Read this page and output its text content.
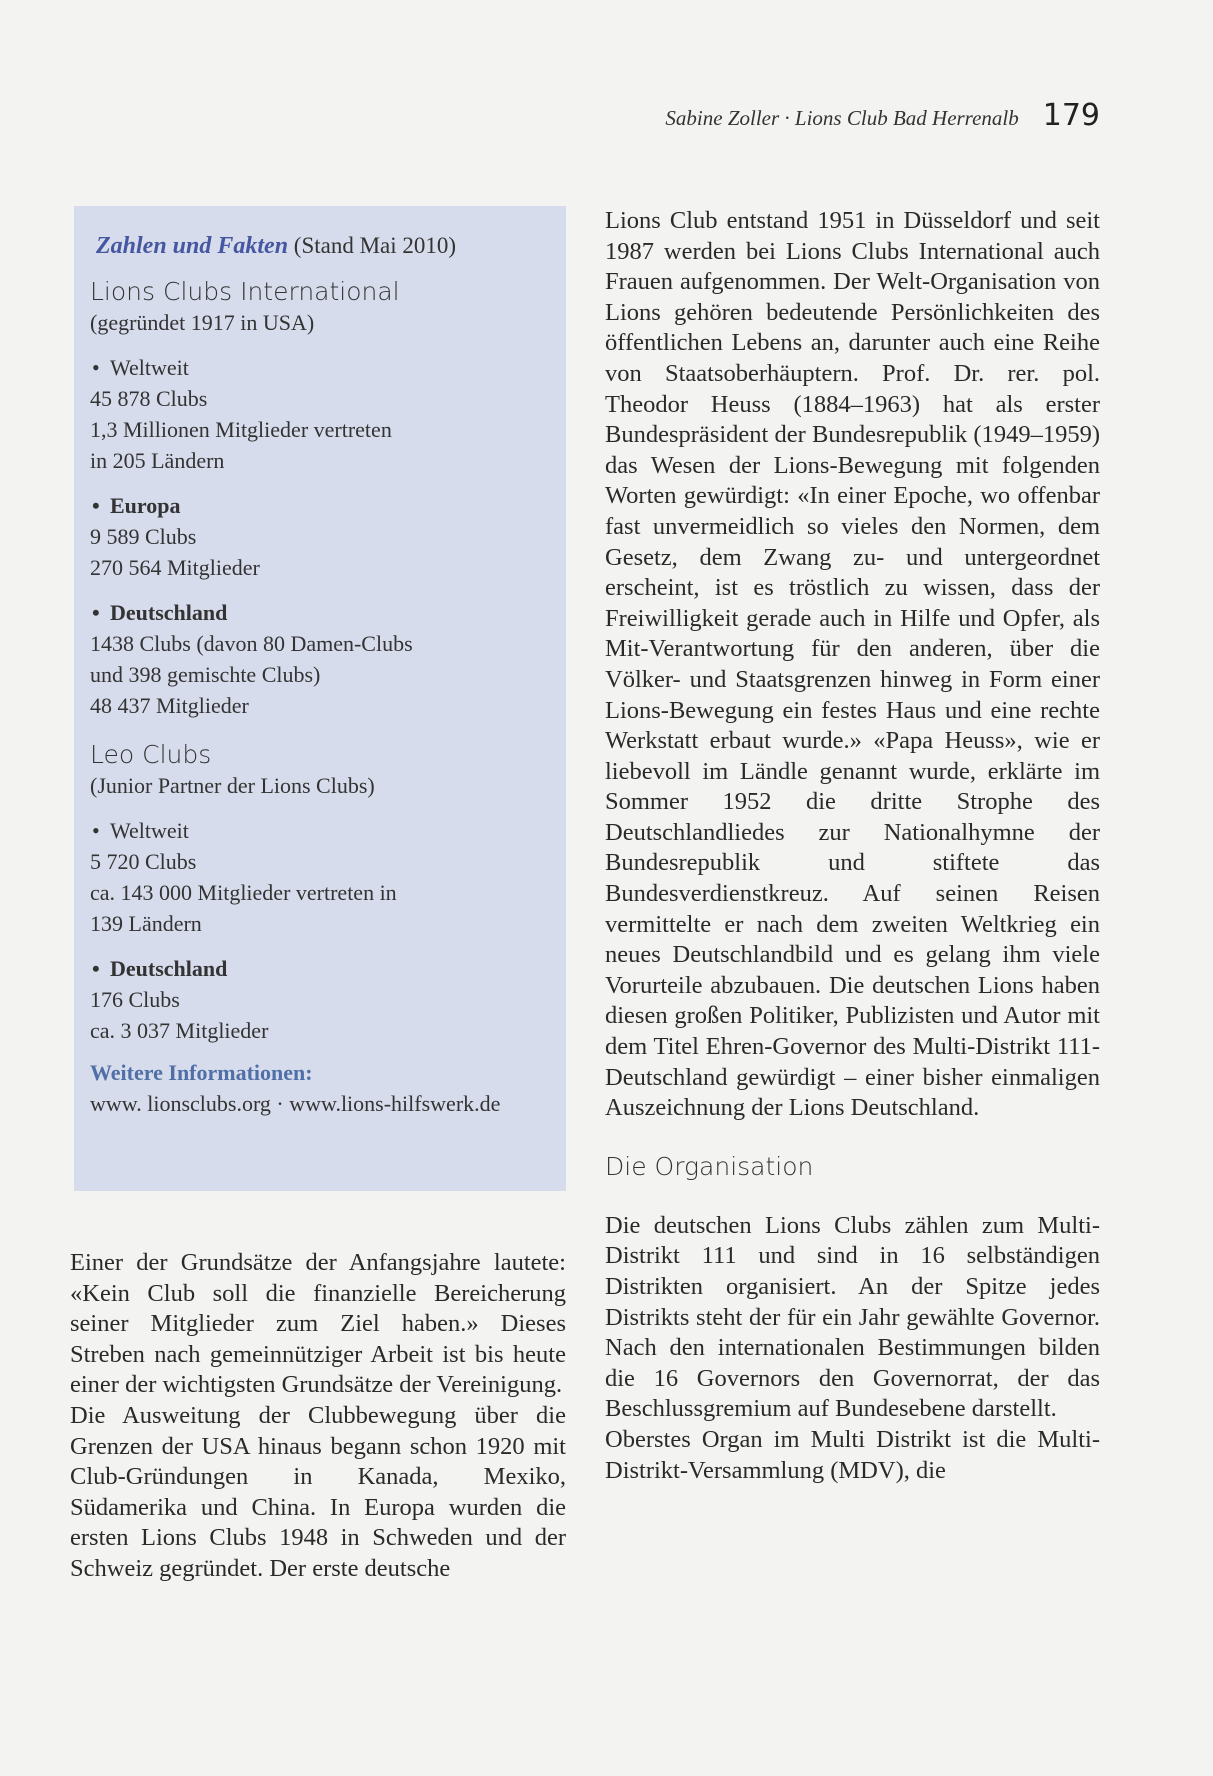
Sabine Zoller · Lions Club Bad Herrenalb 179
Zahlen und Fakten (Stand Mai 2010)
Lions Clubs International
(gegründet 1917 in USA)
• Weltweit
45 878 Clubs
1,3 Millionen Mitglieder vertreten
in 205 Ländern
• Europa
9 589 Clubs
270 564 Mitglieder
• Deutschland
1438 Clubs (davon 80 Damen-Clubs
und 398 gemischte Clubs)
48 437 Mitglieder
Leo Clubs
(Junior Partner der Lions Clubs)
• Weltweit
5 720 Clubs
ca. 143 000 Mitglieder vertreten in
139 Ländern
• Deutschland
176 Clubs
ca. 3 037 Mitglieder
Weitere Informationen:
www. lionsclubs.org · www.lions-hilfswerk.de

Einer der Grundsätze der Anfangsjahre lautete: «Kein Club soll die finanzielle Bereicherung seiner Mitglieder zum Ziel haben.» Dieses Streben nach gemeinnütziger Arbeit ist bis heute einer der wichtigsten Grundsätze der Vereinigung.

Die Ausweitung der Clubbewegung über die Grenzen der USA hinaus begann schon 1920 mit Club-Gründungen in Kanada, Mexiko, Südamerika und China. In Europa wurden die ersten Lions Clubs 1948 in Schweden und der Schweiz gegründet. Der erste deutsche

Lions Club entstand 1951 in Düsseldorf und seit 1987 werden bei Lions Clubs International auch Frauen aufgenommen. Der Welt-Organisation von Lions gehören bedeutende Persönlichkeiten des öffentlichen Lebens an, darunter auch eine Reihe von Staatsoberhäuptern. Prof. Dr. rer. pol. Theodor Heuss (1884–1963) hat als erster Bundespräsident der Bundesrepublik (1949–1959) das Wesen der Lions-Bewegung mit folgenden Worten gewürdigt: «In einer Epoche, wo offenbar fast unvermeidlich so vieles den Normen, dem Gesetz, dem Zwang zu- und untergeordnet erscheint, ist es tröstlich zu wissen, dass der Freiwilligkeit gerade auch in Hilfe und Opfer, als Mit-Verantwortung für den anderen, über die Völker- und Staatsgrenzen hinweg in Form einer Lions-Bewegung ein festes Haus und eine rechte Werkstatt erbaut wurde.» «Papa Heuss», wie er liebevoll im Ländle genannt wurde, erklärte im Sommer 1952 die dritte Strophe des Deutschlandliedes zur Nationalhymne der Bundesrepublik und stiftete das Bundesverdienstkreuz. Auf seinen Reisen vermittelte er nach dem zweiten Weltkrieg ein neues Deutschlandbild und es gelang ihm viele Vorurteile abzubauen. Die deutschen Lions haben diesen großen Politiker, Publizisten und Autor mit dem Titel Ehren-Governor des Multi-Distrikt 111-Deutschland gewürdigt – einer bisher einmaligen Auszeichnung der Lions Deutschland.

Die Organisation

Die deutschen Lions Clubs zählen zum Multi-Distrikt 111 und sind in 16 selbständigen Distrikten organisiert. An der Spitze jedes Distrikts steht der für ein Jahr gewählte Governor. Nach den internationalen Bestimmungen bilden die 16 Governors den Governorrat, der das Beschlussgremium auf Bundesebene darstellt.

Oberstes Organ im Multi Distrikt ist die Multi-Distrikt-Versammlung (MDV), die
